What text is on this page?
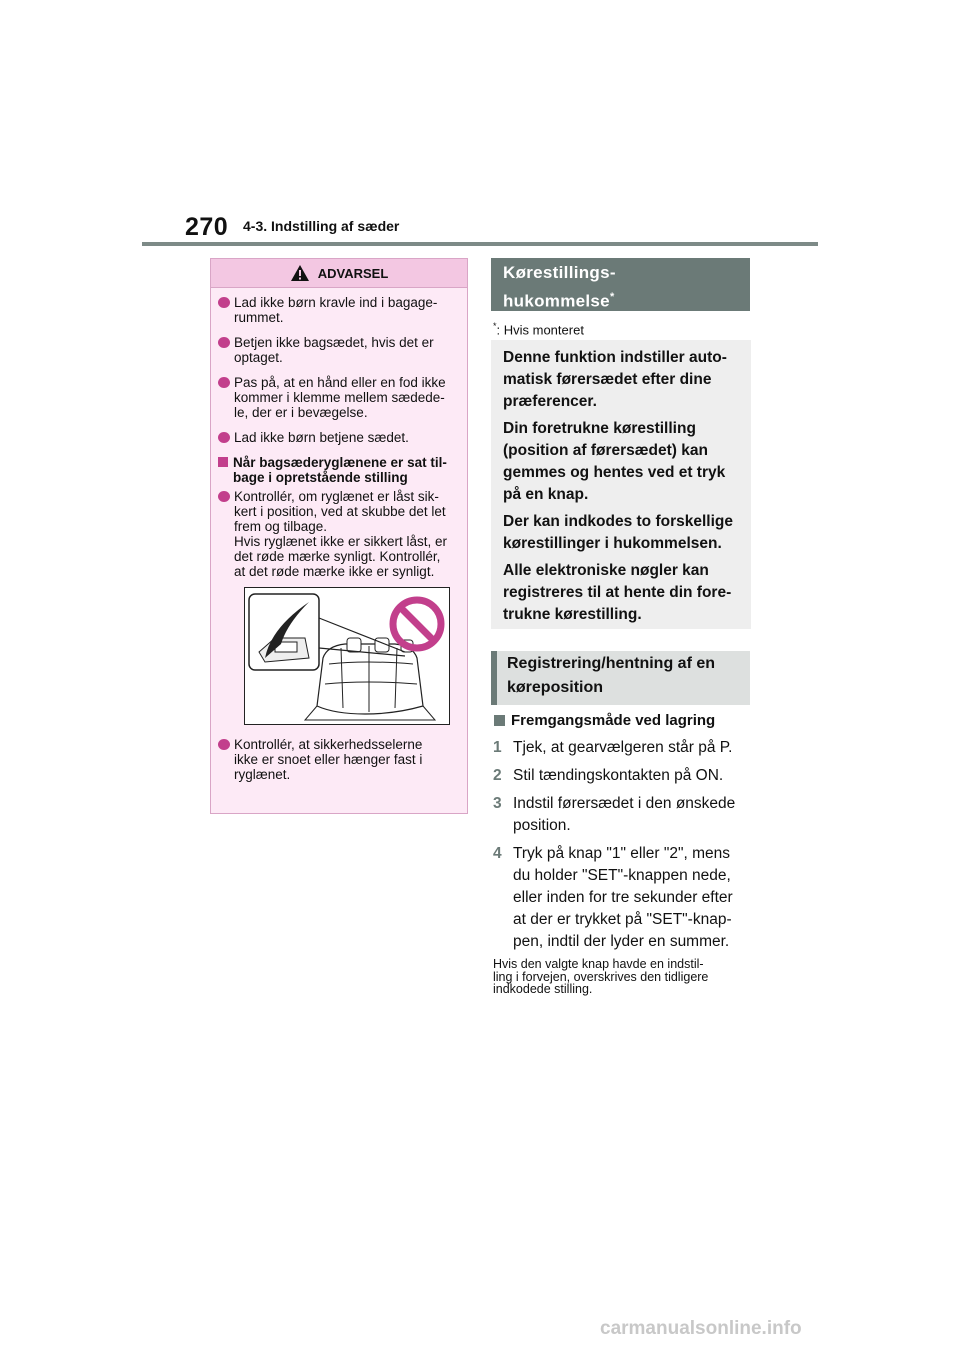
270 4-3. Indstilling af sæder
ADVARSEL
Lad ikke børn kravle ind i bagage-
rummet.
Betjen ikke bagsædet, hvis det er
optaget.
Pas på, at en hånd eller en fod ikke
kommer i klemme mellem sædede-
le, der er i bevægelse.
Lad ikke børn betjene sædet.
Når bagsæderyglænene er sat til-
bage i opretstående stilling
Kontrollér, om ryglænet er låst sik-
kert i position, ved at skubbe det let
frem og tilbage.
Hvis ryglænet ikke er sikkert låst, er
det røde mærke synligt. Kontrollér,
at det røde mærke ikke er synligt.
Kontrollér, at sikkerhedsselerne
ikke er snoet eller hænger fast i
ryglænet.
Kørestillings-
hukommelse*
*: Hvis monteret

Denne funktion indstiller auto-
matisk førersædet efter dine
præferencer.

Din foretrukne kørestilling
(position af førersædet) kan
gemmes og hentes ved et tryk
på en knap.

Der kan indkodes to forskellige
kørestillinger i hukommelsen.

Alle elektroniske nøgler kan
registreres til at hente din fore-
trukne kørestilling.

Registrering/hentning af en
køreposition
Fremgangsmåde ved lagring
1 Tjek, at gearvælgeren står på P.
2 Stil tændingskontakten på ON.
3 Indstil førersædet i den ønskede
position.
4 Tryk på knap "1" eller "2", mens
du holder "SET"-knappen nede,
eller inden for tre sekunder efter
at der er trykket på "SET"-knap-
pen, indtil der lyder en summer.
Hvis den valgte knap havde en indstil-
ling i forvejen, overskrives den tidligere
indkodede stilling.
carmanualsonline.info
